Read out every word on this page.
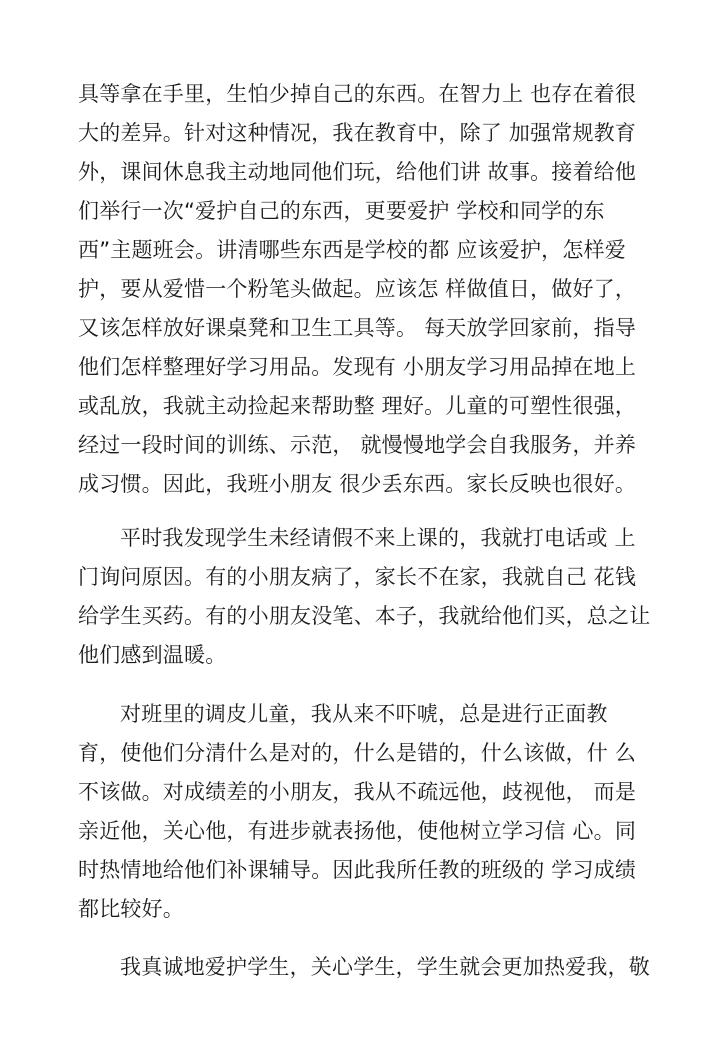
具等拿在手里，生怕少掉自己的东西。在智力上 也存在着很
大的差异。针对这种情况，我在教育中，除了 加强常规教育
外，课间休息我主动地同他们玩，给他们讲 故事。接着给他
们举行一次“爱护自己的东西，更要爱护 学校和同学的东
西”主题班会。讲清哪些东西是学校的都 应该爱护，怎样爱
护，要从爱惜一个粉笔头做起。应该怎 样做值日，做好了，
又该怎样放好课桌凳和卫生工具等。 每天放学回家前，指导
他们怎样整理好学习用品。发现有 小朋友学习用品掉在地上
或乱放，我就主动捡起来帮助整 理好。儿童的可塑性很强，
经过一段时间的训练、示范， 就慢慢地学会自我服务，并养
成习惯。因此，我班小朋友 很少丢东西。家长反映也很好。
平时我发现学生未经请假不来上课的，我就打电话或 上
门询问原因。有的小朋友病了，家长不在家，我就自己 花钱
给学生买药。有的小朋友没笔、本子，我就给他们买，总之让
他们感到温暖。
对班里的调皮儿童，我从来不吓唬，总是进行正面教
育，使他们分清什么是对的，什么是错的，什么该做，什 么
不该做。对成绩差的小朋友，我从不疏远他，歧视他， 而是
亲近他，关心他，有进步就表扬他，使他树立学习信 心。同
时热情地给他们补课辅导。因此我所任教的班级的 学习成绩
都比较好。
我真诚地爱护学生，关心学生，学生就会更加热爱我，敬
